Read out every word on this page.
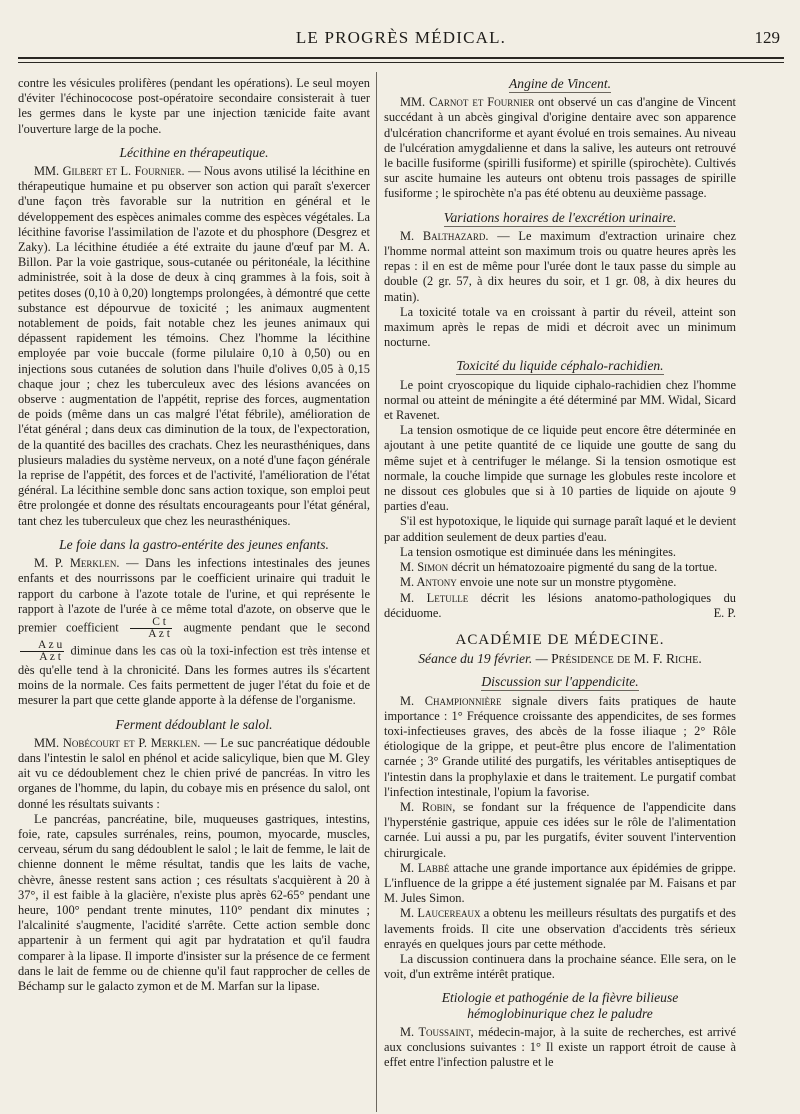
LE PROGRÈS MÉDICAL.	129

contre les vésicules prolifères (pendant les opérations). Le seul moyen d'éviter l'échinococose post-opératoire secondaire consisterait à tuer les germes dans le kyste par une injection tænicide faite avant l'ouverture large de la poche.

Lécithine en thérapeutique.

MM. Gilbert et L. Fournier. — Nous avons utilisé la lécithine en thérapeutique humaine et pu observer son action qui paraît s'exercer d'une façon très favorable sur la nutrition en général et le développement des espèces animales comme des espèces végétales. La lécithine favorise l'assimilation de l'azote et du phosphore (Desgrez et Zaky). La lécithine étudiée a été extraite du jaune d'œuf par M. A. Billon. Par la voie gastrique, sous-cutanée ou péritonéale, la lécithine administrée, soit à la dose de deux à cinq grammes à la fois, soit à petites doses (0,10 à 0,20) longtemps prolongées, à démontré que cette substance est dépourvue de toxicité ; les animaux augmentent notablement de poids, fait notable chez les jeunes animaux qui dépassent rapidement les témoins. Chez l'homme la lécithine employée par voie buccale (forme pilulaire 0,10 à 0,50) ou en injections sous cutanées de solution dans l'huile d'olives 0,05 à 0,15 chaque jour ; chez les tuberculeux avec des lésions avancées on observe : augmentation de l'appétit, reprise des forces, augmentation de poids (même dans un cas malgré l'état fébrile), amélioration de l'état général ; dans deux cas diminution de la toux, de l'expectoration, de la quantité des bacilles des crachats. Chez les neurasthéniques, dans plusieurs maladies du système nerveux, on a noté d'une façon générale la reprise de l'appétit, des forces et de l'activité, l'amélioration de l'état général. La lécithine semble donc sans action toxique, son emploi peut être prolongée et donne des résultats encourageants pour l'état général, tant chez les tuberculeux que chez les neurasthéniques.

Le foie dans la gastro-entérite des jeunes enfants.

M. P. Merklen. — Dans les infections intestinales des jeunes enfants et des nourrissons par le coefficient urinaire qui traduit le rapport du carbone à l'azote totale de l'urine, et qui représente le rapport à l'azote de l'urée à ce même total d'azote, on observe que le premier coefficient $\frac{\text{C t}}{\text{A z t}}$ augmente pendant que le second
$\frac{\text{A z u}}{\text{A z t}}$ diminue dans les cas où la toxi-infection est très intense et dès qu'elle tend à la chronicité. Dans les formes autres ils s'écartent moins de la normale. Ces faits permettent de juger l'état du foie et de mesurer la part que cette glande apporte à la défense de l'organisme.

Ferment dédoublant le salol.

MM. Nobécourt et P. Merklen. — Le suc pancréatique dédouble dans l'intestin le salol en phénol et acide salicylique, bien que M. Gley ait vu ce dédoublement chez le chien privé de pancréas. In vitro les organes de l'homme, du lapin, du cobaye mis en présence du salol, ont donné les résultats suivants :

Le pancréas, pancréatine, bile, muqueuses gastriques, intestins, foie, rate, capsules surrénales, reins, poumon, myocarde, muscles, cerveau, sérum du sang dédoublent le salol ; le lait de femme, le lait de chienne donnent le même résultat, tandis que les laits de vache, chèvre, ânesse restent sans action ; ces résultats s'acquièrent à 20 à 37°, il est faible à la glacière, n'existe plus après 62-65° pendant une heure, 100° pendant trente minutes, 110° pendant dix minutes ; l'alcalinité s'augmente, l'acidité s'arrête. Cette action semble donc appartenir à un ferment qui agit par hydratation et qu'il faudra comparer à la lipase. Il importe d'insister sur la présence de ce ferment dans le lait de femme ou de chienne qu'il faut rapprocher de celles de Béchamp sur le galacto zymon et de M. Marfan sur la lipase.

Angine de Vincent.

MM. Carnot et Fournier ont observé un cas d'angine de Vincent succédant à un abcès gingival d'origine dentaire avec son apparence d'ulcération chancriforme et ayant évolué en trois semaines. Au niveau de l'ulcération amygdalienne et dans la salive, les auteurs ont retrouvé le bacille fusiforme (spirilli fusiforme) et spirille (spirochète). Cultivés sur ascite humaine les auteurs ont obtenu trois passages de spirille fusiforme ; le spirochète n'a pas été obtenu au deuxième passage.

Variations horaires de l'excrétion urinaire.

M. Balthazard. — Le maximum d'extraction urinaire chez l'homme normal atteint son maximum trois ou quatre heures après les repas : il en est de même pour l'urée dont le taux passe du simple au double (2 gr. 57, à dix heures du soir, et 1 gr. 08, à dix heures du matin).

La toxicité totale va en croissant à partir du réveil, atteint son maximum après le repas de midi et décroit avec un minimum nocturne.

Toxicité du liquide céphalo-rachidien.

Le point cryoscopique du liquide ciphalo-rachidien chez l'homme normal ou atteint de méningite a été déterminé par MM. Widal, Sicard et Ravenet.

La tension osmotique de ce liquide peut encore être déterminée en ajoutant à une petite quantité de ce liquide une goutte de sang du même sujet et à centrifuger le mélange. Si la tension osmotique est normale, la couche limpide que surnage les globules reste incolore et ne dissout ces globules que si à 10 parties de liquide on ajoute 9 parties d'eau.

S'il est hypotoxique, le liquide qui surnage paraît laqué et le devient par addition seulement de deux parties d'eau.

La tension osmotique est diminuée dans les méningites.

M. Simon décrit un hématozoaire pigmenté du sang de la tortue.

M. Antony envoie une note sur un monstre ptygomène.

M. Letulle décrit les lésions anatomo-pathologiques du déciduome.	E. P.

ACADÉMIE DE MÉDECINE.
Séance du 19 février. — Présidence de M. F. Riche.
Discussion sur l'appendicite.

M. Championnière signale divers faits pratiques de haute importance : 1° Fréquence croissante des appendicites, de ses formes toxi-infectieuses graves, des abcès de la fosse iliaque ; 2° Rôle étiologique de la grippe, et peut-être plus encore de l'alimentation carnée ; 3° Grande utilité des purgatifs, les véritables antiseptiques de l'intestin dans la prophylaxie et dans le traitement. Le purgatif combat l'infection intestinale, l'opium la favorise.

M. Robin, se fondant sur la fréquence de l'appendicite dans l'hypersténie gastrique, appuie ces idées sur le rôle de l'alimentation carnée. Lui aussi a pu, par les purgatifs, éviter souvent l'intervention chirurgicale.

M. Labbé attache une grande importance aux épidémies de grippe. L'influence de la grippe a été justement signalée par M. Faisans et par M. Jules Simon.

M. Laucereaux a obtenu les meilleurs résultats des purgatifs et des lavements froids. Il cite une observation d'accidents très sérieux enrayés en quelques jours par cette méthode.

La discussion continuera dans la prochaine séance. Elle sera, on le voit, d'un extrême intérêt pratique.

Etiologie et pathogénie de la fièvre bilieuse
hémoglobinurique chez le paludre

M. Toussaint, médecin-major, à la suite de recherches, est arrivé aux conclusions suivantes : 1° Il existe un rapport étroit de cause à effet entre l'infection palustre et le
